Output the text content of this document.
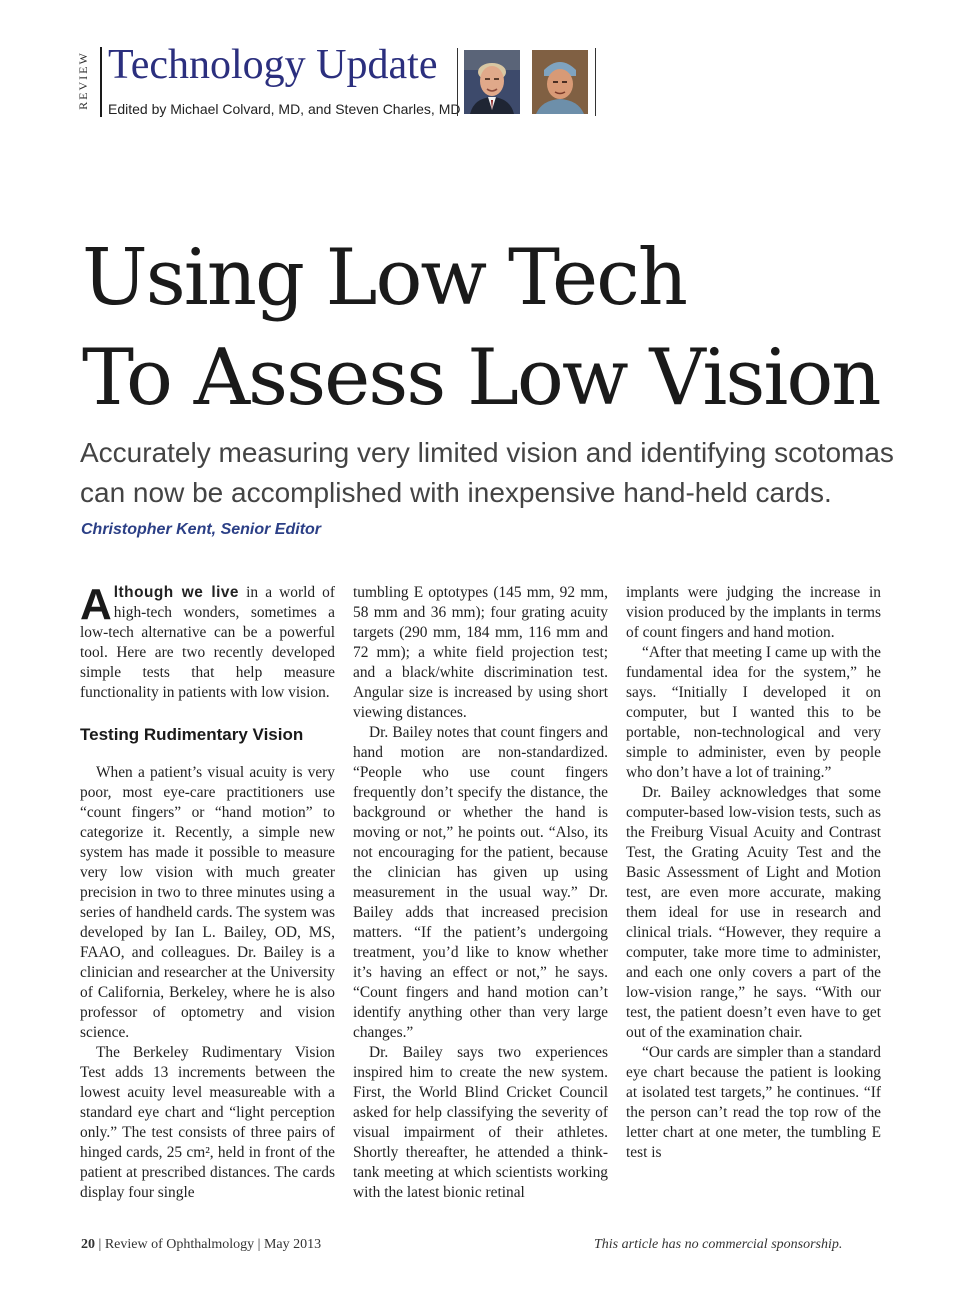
REVIEW Technology Update
Edited by Michael Colvard, MD, and Steven Charles, MD
Using Low Tech
To Assess Low Vision
Accurately measuring very limited vision and identifying scotomas can now be accomplished with inexpensive hand-held cards.
Christopher Kent, Senior Editor

Although we live in a world of high-tech wonders, sometimes a low-tech alternative can be a powerful tool. Here are two recently developed simple tests that help measure functionality in patients with low vision.

Testing Rudimentary Vision

When a patient’s visual acuity is very poor, most eye-care practitioners use “count fingers” or “hand motion” to categorize it. Recently, a simple new system has made it possible to measure very low vision with much greater precision in two to three minutes using a series of handheld cards. The system was developed by Ian L. Bailey, OD, MS, FAAO, and colleagues. Dr. Bailey is a clinician and researcher at the University of California, Berkeley, where he is also professor of optometry and vision science.

The Berkeley Rudimentary Vision Test adds 13 increments between the lowest acuity level measureable with a standard eye chart and “light perception only.” The test consists of three pairs of hinged cards, 25 cm², held in front of the patient at prescribed distances. The cards display four single

tumbling E optotypes (145 mm, 92 mm, 58 mm and 36 mm); four grating acuity targets (290 mm, 184 mm, 116 mm and 72 mm); a white field projection test; and a black/white discrimination test. Angular size is increased by using short viewing distances.

Dr. Bailey notes that count fingers and hand motion are non-standardized. “People who use count fingers frequently don’t specify the distance, the background or whether the hand is moving or not,” he points out. “Also, its not encouraging for the patient, because the clinician has given up using measurement in the usual way.” Dr. Bailey adds that increased precision matters. “If the patient’s undergoing treatment, you’d like to know whether it’s having an effect or not,” he says. “Count fingers and hand motion can’t identify anything other than very large changes.”

Dr. Bailey says two experiences inspired him to create the new system. First, the World Blind Cricket Council asked for help classifying the severity of visual impairment of their athletes. Shortly thereafter, he attended a think-tank meeting at which scientists working with the latest bionic retinal

implants were judging the increase in vision produced by the implants in terms of count fingers and hand motion.

“After that meeting I came up with the fundamental idea for the system,” he says. “Initially I developed it on computer, but I wanted this to be portable, non-technological and very simple to administer, even by people who don’t have a lot of training.”

Dr. Bailey acknowledges that some computer-based low-vision tests, such as the Freiburg Visual Acuity and Contrast Test, the Grating Acuity Test and the Basic Assessment of Light and Motion test, are even more accurate, making them ideal for use in research and clinical trials. “However, they require a computer, take more time to administer, and each one only covers a part of the low-vision range,” he says. “With our test, the patient doesn’t even have to get out of the examination chair.

“Our cards are simpler than a standard eye chart because the patient is looking at isolated test targets,” he continues. “If the person can’t read the top row of the letter chart at one meter, the tumbling E test is

20 | Review of Ophthalmology | May 2013	This article has no commercial sponsorship.
